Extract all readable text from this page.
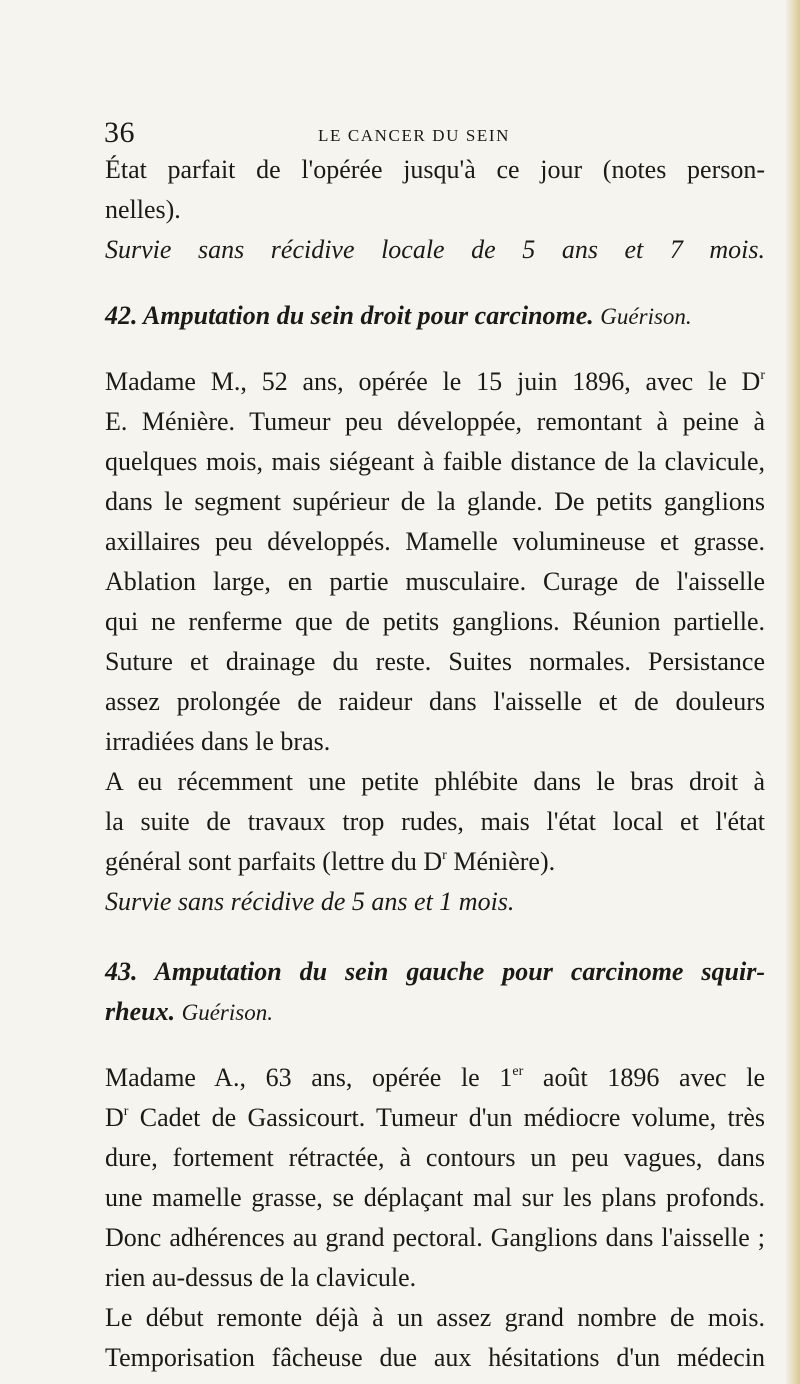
36	LE CANCER DU SEIN
État parfait de l'opérée jusqu'à ce jour (notes person-
nelles).
Survie sans récidive locale de 5 ans et 7 mois.
42. Amputation du sein droit pour carcinome. Guérison.
Madame M., 52 ans, opérée le 15 juin 1896, avec le $D^r$
E. Ménière. Tumeur peu développée, remontant à peine à
quelques mois, mais siégeant à faible distance de la clavicule,
dans le segment supérieur de la glande. De petits ganglions
axillaires peu développés. Mamelle volumineuse et grasse.
Ablation large, en partie musculaire. Curage de l'aisselle
qui ne renferme que de petits ganglions. Réunion partielle.
Suture et drainage du reste. Suites normales. Persistance
assez prolongée de raideur dans l'aisselle et de douleurs
irradiées dans le bras.
A eu récemment une petite phlébite dans le bras droit à
la suite de travaux trop rudes, mais l'état local et l'état
général sont parfaits (lettre du $D^r$ Ménière).
Survie sans récidive de 5 ans et 1 mois.
43. Amputation du sein gauche pour carcinome squir-
rheux. Guérison.
Madame A., 63 ans, opérée le 1er août 1896 avec le
$D^r$ Cadet de Gassicourt. Tumeur d'un médiocre volume, très
dure, fortement rétractée, à contours un peu vagues, dans
une mamelle grasse, se déplaçant mal sur les plans profonds.
Donc adhérences au grand pectoral. Ganglions dans l'aisselle ;
rien au-dessus de la clavicule.
Le début remonte déjà à un assez grand nombre de mois.
Temporisation fâcheuse due aux hésitations d'un médecin
